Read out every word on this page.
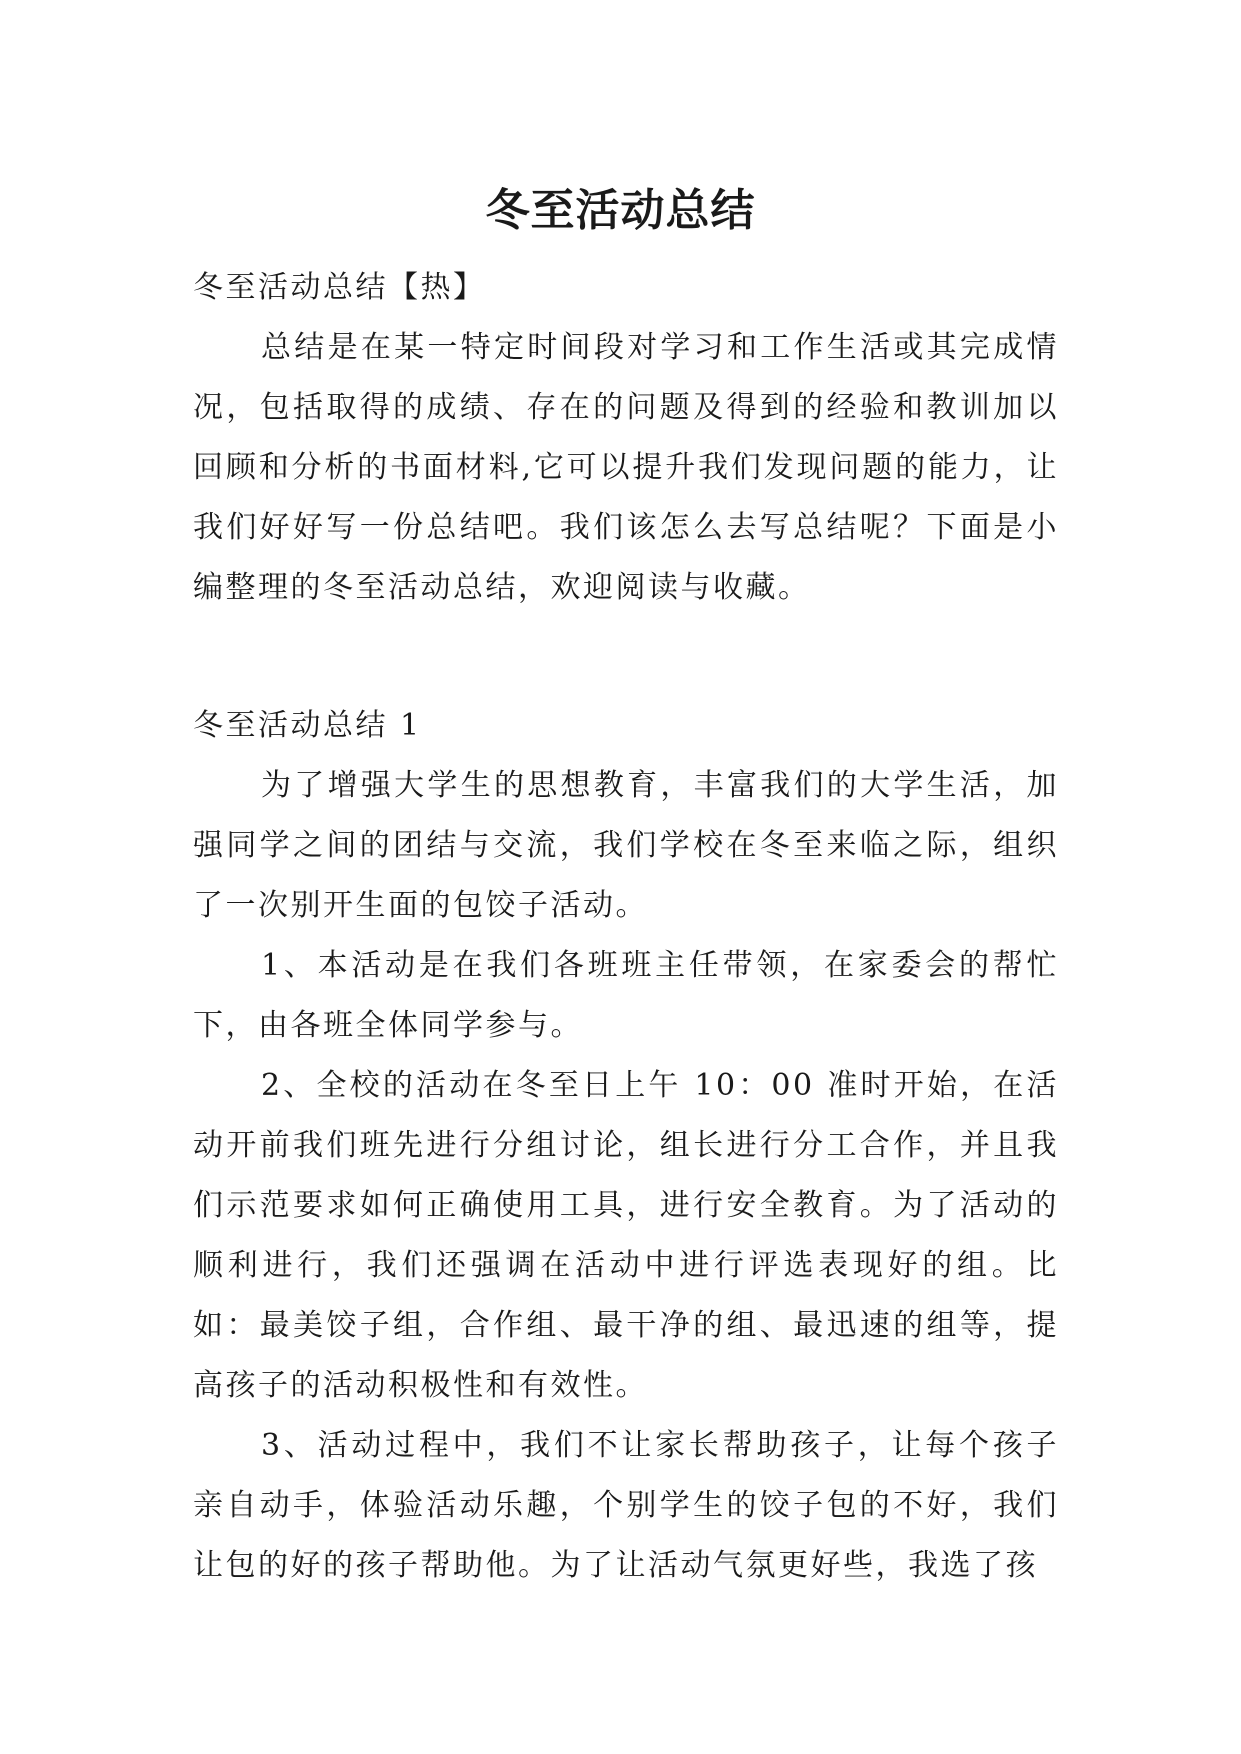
冬至活动总结

冬至活动总结【热】

总结是在某一特定时间段对学习和工作生活或其完成情况，包括取得的成绩、存在的问题及得到的经验和教训加以回顾和分析的书面材料,它可以提升我们发现问题的能力，让我们好好写一份总结吧。我们该怎么去写总结呢？下面是小编整理的冬至活动总结，欢迎阅读与收藏。

冬至活动总结 1

为了增强大学生的思想教育，丰富我们的大学生活，加强同学之间的团结与交流，我们学校在冬至来临之际，组织了一次别开生面的包饺子活动。

1、本活动是在我们各班班主任带领，在家委会的帮忙下，由各班全体同学参与。

2、全校的活动在冬至日上午 10：00 准时开始，在活动开前我们班先进行分组讨论，组长进行分工合作，并且我们示范要求如何正确使用工具，进行安全教育。为了活动的顺利进行，我们还强调在活动中进行评选表现好的组。比如：最美饺子组，合作组、最干净的组、最迅速的组等，提高孩子的活动积极性和有效性。

3、活动过程中，我们不让家长帮助孩子，让每个孩子亲自动手，体验活动乐趣，个别学生的饺子包的不好，我们让包的好的孩子帮助他。为了让活动气氛更好些，我选了孩
